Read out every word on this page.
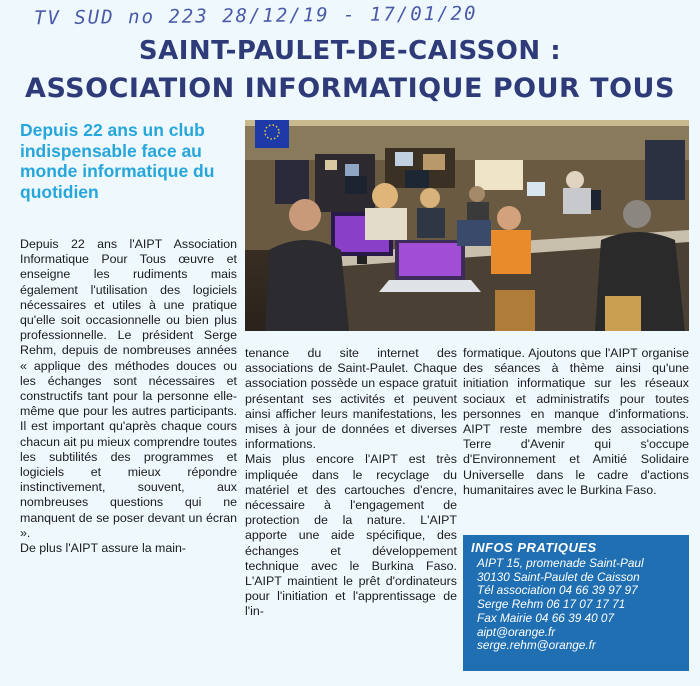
TV SUD no 223 28/12/19 - 17/01/20
SAINT-PAULET-DE-CAISSON :
ASSOCIATION INFORMATIQUE POUR TOUS
Depuis 22 ans un club indispensable face au monde informatique du quotidien
Depuis 22 ans l'AIPT Association Informatique Pour Tous œuvre et enseigne les rudiments mais également l'utilisation des logiciels nécessaires et utiles à une pratique qu'elle soit occasionnelle ou bien plus professionnelle. Le président Serge Rehm, depuis de nombreuses années « applique des méthodes douces ou les échanges sont nécessaires et constructifs tant pour la personne elle-même que pour les autres participants. Il est important qu'après chaque cours chacun ait pu mieux comprendre toutes les subtilités des programmes et logiciels et mieux répondre instinctivement, souvent, aux nombreuses questions qui ne manquent de se poser devant un écran ».
De plus l'AIPT assure la main-
tenance du site internet des associations de Saint-Paulet. Chaque association possède un espace gratuit présentant ses activités et peuvent ainsi afficher leurs manifestations, les mises à jour de données et diverses informations.
Mais plus encore l'AIPT est très impliquée dans le recyclage du matériel et des cartouches d'encre, nécessaire à l'engagement de protection de la nature. L'AIPT apporte une aide spécifique, des échanges et développement technique avec le Burkina Faso. L'AIPT maintient le prêt d'ordinateurs pour l'initiation et l'apprentissage de l'in-
formatique. Ajoutons que l'AIPT organise des séances à thème ainsi qu'une initiation informatique sur les réseaux sociaux et administratifs pour toutes personnes en manque d'informations. AIPT reste membre des associations Terre d'Avenir qui s'occupe d'Environnement et Amitié Solidaire Universelle dans le cadre d'actions humanitaires avec le Burkina Faso.
INFOS PRATIQUES
AIPT 15, promenade Saint-Paul
30130 Saint-Paulet de Caisson
Tél association 04 66 39 97 97
Serge Rehm 06 17 07 17 71
Fax Mairie 04 66 39 40 07
aipt@orange.fr
serge.rehm@orange.fr
